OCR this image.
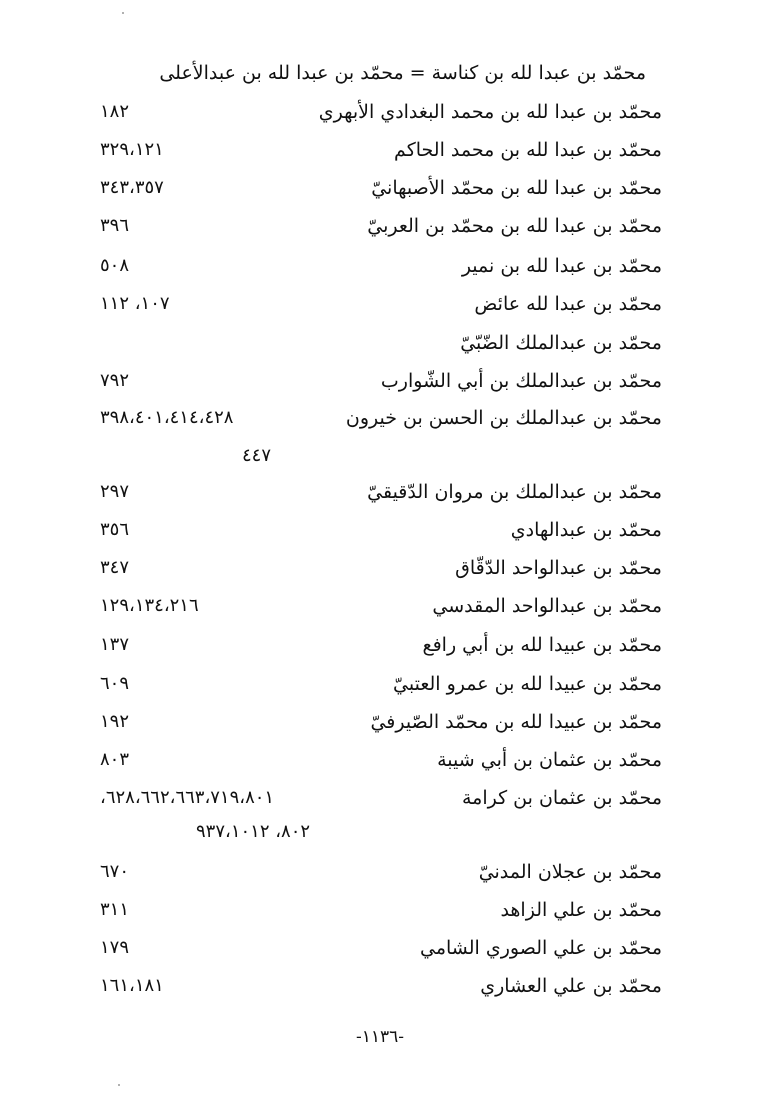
محمّد بن عبدا لله بن كناسة = محمّد بن عبدا لله بن عبدالأعلى
محمّد بن عبدا لله بن محمد البغدادي الأبهري
١٨٢
محمّد بن عبدا لله بن محمد الحاكم
٣٢٩،١٢١
محمّد بن عبدا لله بن محمّد الأصبهانيّ
٣٤٣،٣٥٧
محمّد بن عبدا لله بن محمّد بن العربيّ
٣٩٦
محمّد بن عبدا لله بن نمير
٥٠٨
محمّد بن عبدا لله عائض
١٠٧، ١١٢
محمّد بن عبدالملك الضّبّيّ
محمّد بن عبدالملك بن أبي الشّوارب
٧٩٢
محمّد بن عبدالملك بن الحسن بن خيرون
٣٩٨،٤٠١،٤١٤،٤٢٨
٤٤٧
محمّد بن عبدالملك بن مروان الدّقيقيّ
٢٩٧
محمّد بن عبدالهادي
٣٥٦
محمّد بن عبدالواحد الدّقّاق
٣٤٧
محمّد بن عبدالواحد المقدسي
١٢٩،١٣٤،٢١٦
محمّد بن عبيدا لله بن أبي رافع
١٣٧
محمّد بن عبيدا لله بن عمرو العتبيّ
٦٠٩
محمّد بن عبيدا لله بن محمّد الصّيرفيّ
١٩٢
محمّد بن عثمان بن أبي شيبة
٨٠٣
محمّد بن عثمان بن كرامة
٦٢٨،٦٦٢،٦٦٣،٧١٩،٨٠١،
٨٠٢، ٩٣٧،١٠١٢
محمّد بن عجلان المدنيّ
٦٧٠
محمّد بن علي الزاهد
٣١١
محمّد بن علي الصوري الشامي
١٧٩
محمّد بن علي العشاري
١٦١،١٨١
-١١٣٦-
